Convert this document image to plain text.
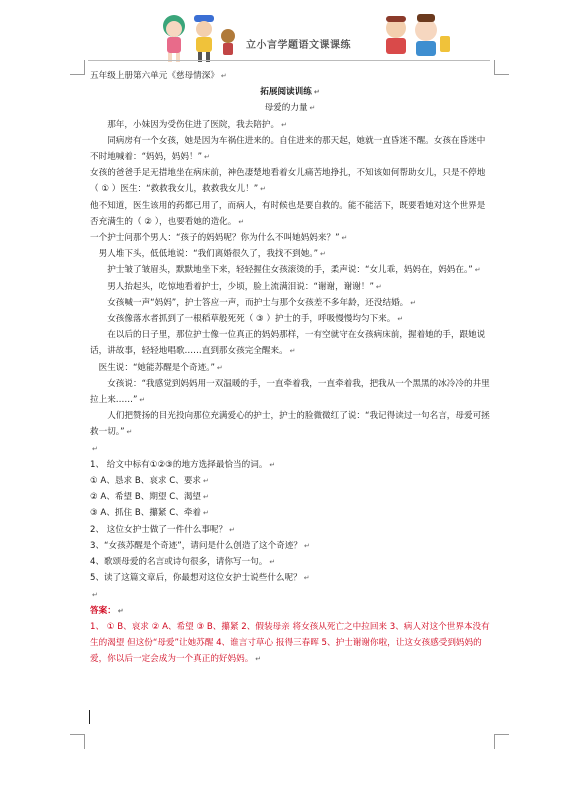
立小言学题语文课课练

五年级上册第六单元《慈母情深》 ↵

拓展阅读训练 ↵

母爱的力量 ↵

那年，小妹因为受伤住进了医院，我去陪护。 ↵

同病房有一个女孩，她是因为车祸住进来的。自住进来的那天起，她就一直昏迷不醒。女孩在昏迷中不时地喊着：“妈妈，妈妈！” ↵

女孩的爸爸手足无措地坐在病床前，神色凄楚地看着女儿痛苦地挣扎，不知该如何帮助女儿，只是不停地（ ① ）医生：“救救我女儿，救救我女儿！” ↵

他不知道，医生该用的药都已用了，而病人，有时候也是要自救的。能不能活下，既要看她对这个世界是否充满生的（ ② ），也要看她的造化。 ↵

一个护士问那个男人：“孩子的妈妈呢？你为什么不叫她妈妈来？” ↵

男人堆下头，低低地说：“我们离婚很久了，我找不到她。” ↵

护士皱了皱眉头，默默地坐下来，轻轻握住女孩滚烫的手，柔声说：“女儿乖，妈妈在，妈妈在。” ↵

男人抬起头，吃惊地看着护士，少顷，脸上流满泪说：“谢谢，谢谢！” ↵

女孩喊一声“妈妈”，护士答应一声，而护士与那个女孩差不多年龄，还没结婚。 ↵

女孩像落水者抓到了一根稻草般死死（ ③ ）护士的手，呼吸慢慢均匀下来。 ↵

在以后的日子里，那位护士像一位真正的妈妈那样，一有空就守在女孩病床前，握着她的手，跟她说话，讲故事，轻轻地唱歌……直到那女孩完全醒来。 ↵

医生说：“她能苏醒是个奇迹。” ↵

女孩说：“我感觉到妈妈用一双温暖的手，一直牵着我，一直牵着我，把我从一个黑黑的冰冷冷的井里拉上来……” ↵

人们把赞扬的目光投向那位充满爱心的护士，护士的脸微微红了说：“我记得读过一句名言，母爱可拯救一切。” ↵

↵

1、 给文中标有①②③的地方选择最恰当的词。 ↵

① A、恳求 B、哀求 C、要求 ↵

② A、希望 B、期望 C、渴望 ↵

③ A、抓住 B、攥紧 C、牵着 ↵

2、 这位女护士做了一件什么事呢？ ↵

3、“女孩苏醒是个奇迹”，请问是什么创造了这个奇迹？ ↵

4、歌颂母爱的名言或诗句很多，请你写一句。 ↵

5、读了这篇文章后，你最想对这位女护士说些什么呢？ ↵

↵

答案： ↵

1、 ① B、哀求 ② A、希望 ③ B、攥紧 2、假装母亲 将女孩从死亡之中拉回来 3、病人对这个世界本没有生的渴望 但这份“母爱”让她苏醒 4、谁言寸草心 报得三春晖 5、护士谢谢你啦，让这女孩感受到妈妈的爱，你以后一定会成为一个真正的好妈妈。 ↵
